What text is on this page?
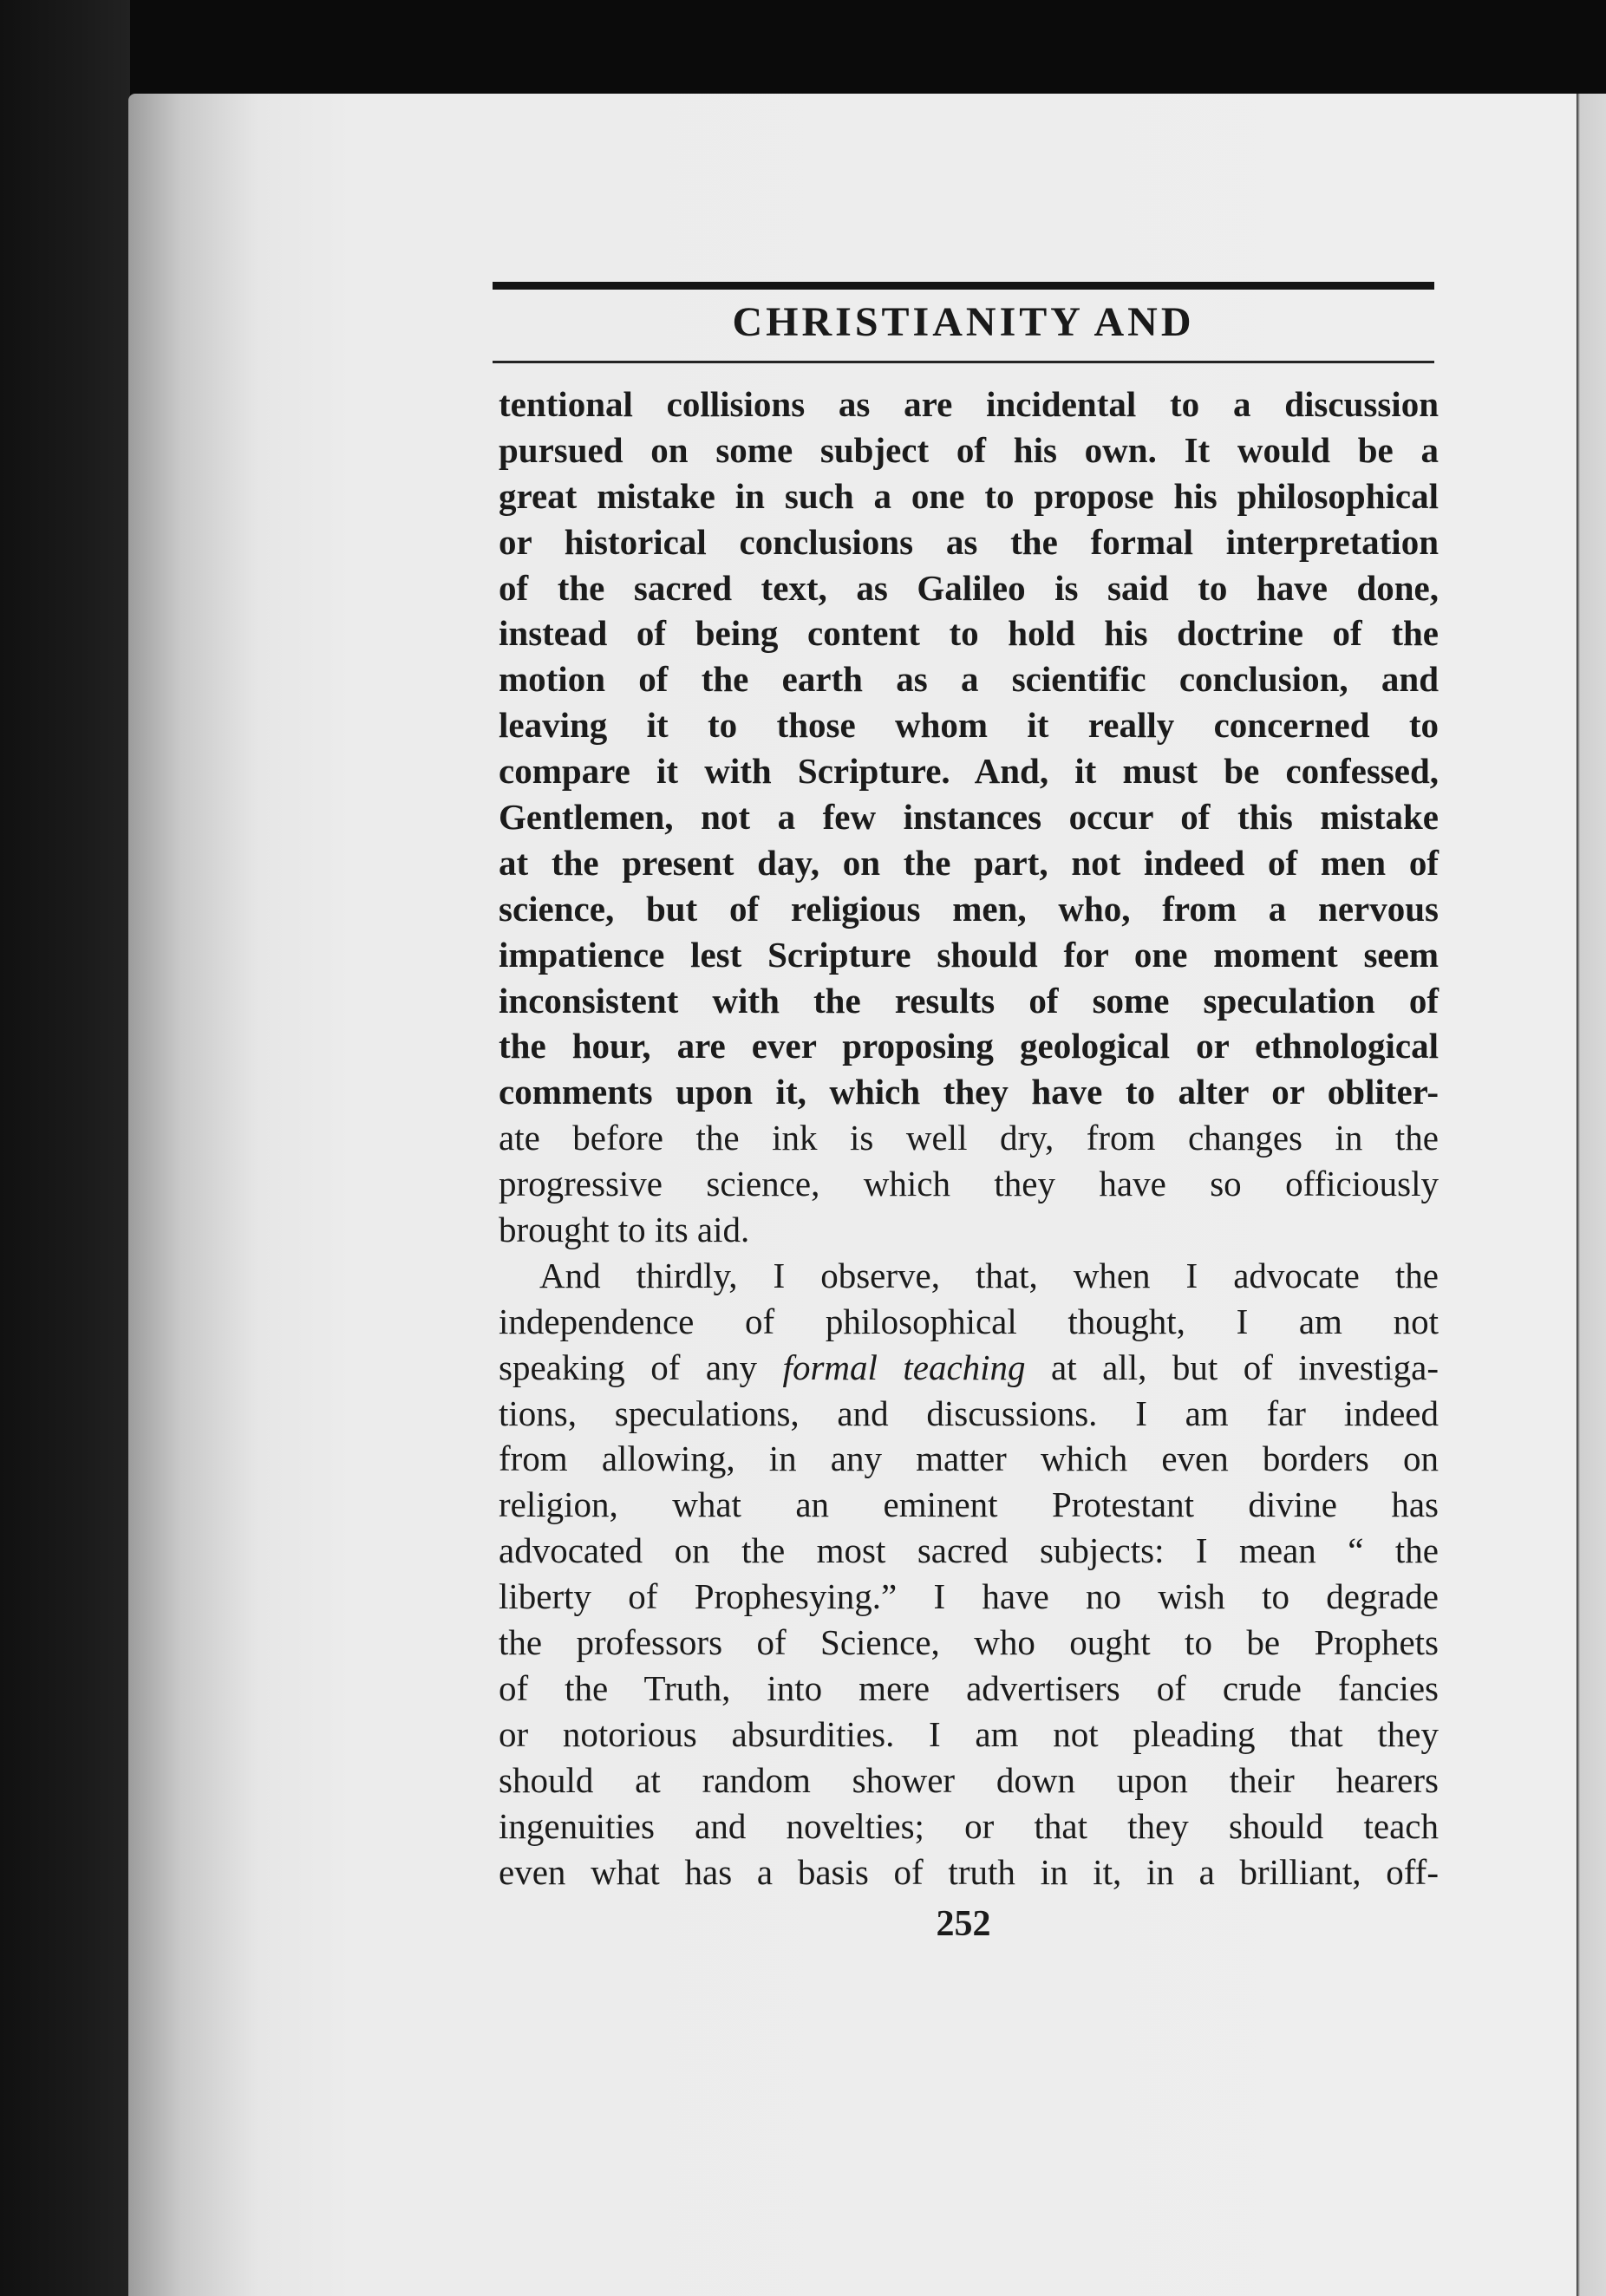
CHRISTIANITY AND
tentional collisions as are incidental to a discussion
pursued on some subject of his own. It would be a
great mistake in such a one to propose his philosophical
or historical conclusions as the formal interpretation
of the sacred text, as Galileo is said to have done,
instead of being content to hold his doctrine of the
motion of the earth as a scientific conclusion, and
leaving it to those whom it really concerned to
compare it with Scripture. And, it must be confessed,
Gentlemen, not a few instances occur of this mistake
at the present day, on the part, not indeed of men of
science, but of religious men, who, from a nervous
impatience lest Scripture should for one moment seem
inconsistent with the results of some speculation of
the hour, are ever proposing geological or ethnological
comments upon it, which they have to alter or obliter-
ate before the ink is well dry, from changes in the
progressive science, which they have so officiously
brought to its aid.
And thirdly, I observe, that, when I advocate the
independence of philosophical thought, I am not
speaking of any formal teaching at all, but of investiga-
tions, speculations, and discussions. I am far indeed
from allowing, in any matter which even borders on
religion, what an eminent Protestant divine has
advocated on the most sacred subjects: I mean “ the
liberty of Prophesying.” I have no wish to degrade
the professors of Science, who ought to be Prophets
of the Truth, into mere advertisers of crude fancies
or notorious absurdities. I am not pleading that they
should at random shower down upon their hearers
ingenuities and novelties; or that they should teach
even what has a basis of truth in it, in a brilliant, off-
252
